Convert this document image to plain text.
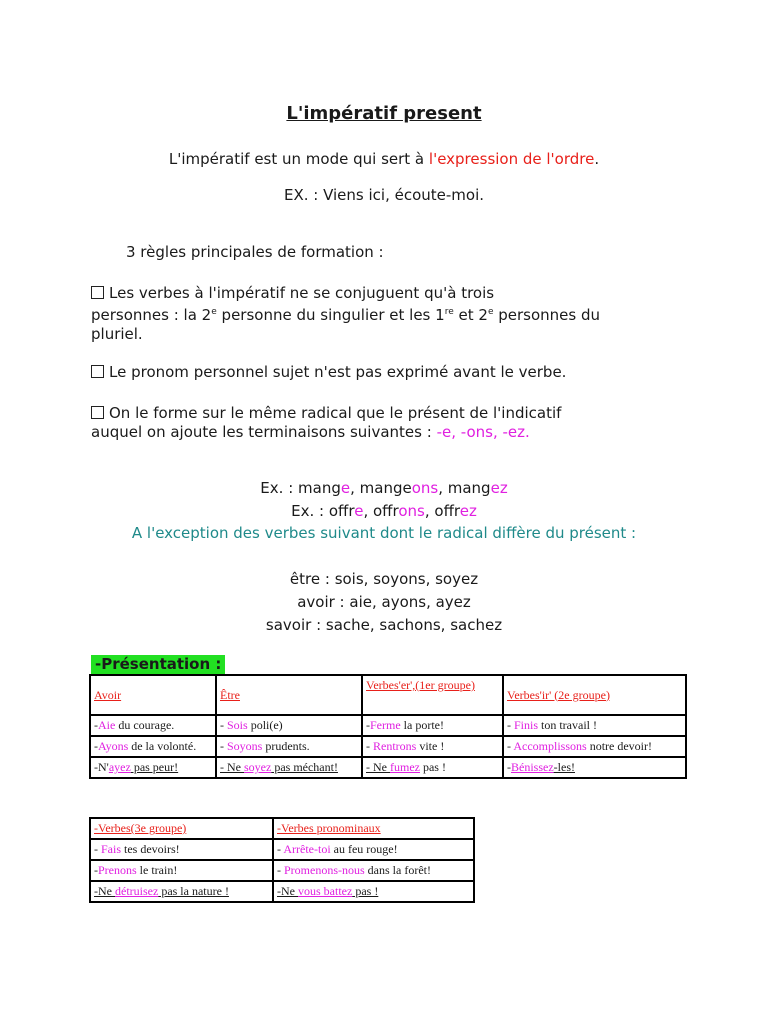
L'impératif present
L'impératif est un mode qui sert à l'expression de l'ordre.
EX. : Viens ici, écoute-moi.
3 règles principales de formation :
Les verbes à l'impératif ne se conjuguent qu'à trois
personnes : la 2e personne du singulier et les 1re et 2e personnes du
pluriel.
Le pronom personnel sujet n'est pas exprimé avant le verbe.
On le forme sur le même radical que le présent de l'indicatif
auquel on ajoute les terminaisons suivantes : -e, -ons, -ez.
Ex. : mange, mangeons, mangez
Ex. : offre, offrons, offrez
A l'exception des verbes suivant dont le radical diffère du présent :
être : sois, soyons, soyez
avoir : aie, ayons, ayez
savoir : sache, sachons, sachez
-Présentation :
Avoir	Être	Verbes'er',(1er groupe)	Verbes'ir' (2e groupe)
-Aie du courage.	- Sois poli(e)	-Ferme la porte!	- Finis ton travail !
-Ayons de la volonté.	- Soyons prudents.	- Rentrons vite !	- Accomplissons notre devoir!
-N'ayez pas peur!	- Ne soyez pas méchant!	- Ne fumez pas !	-Bénissez-les!
-Verbes(3e groupe)	-Verbes pronominaux
- Fais tes devoirs!	- Arrête-toi au feu rouge!
-Prenons le train!	- Promenons-nous dans la forêt!
-Ne détruisez pas la nature !	-Ne vous battez pas !
